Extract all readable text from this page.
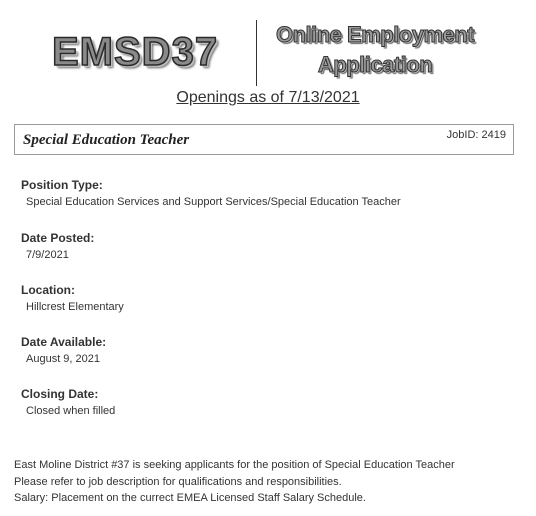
EMSD37	Online Employment
Application
Openings as of 7/13/2021
Special Education Teacher	JobID: 2419
Position Type:
Special Education Services and Support Services/Special Education Teacher
Date Posted:
7/9/2021
Location:
Hillcrest Elementary
Date Available:
August 9, 2021
Closing Date:
Closed when filled
East Moline District #37 is seeking applicants for the position of Special Education Teacher
Please refer to job description for qualifications and responsibilities.
Salary: Placement on the currect EMEA Licensed Staff Salary Schedule.
